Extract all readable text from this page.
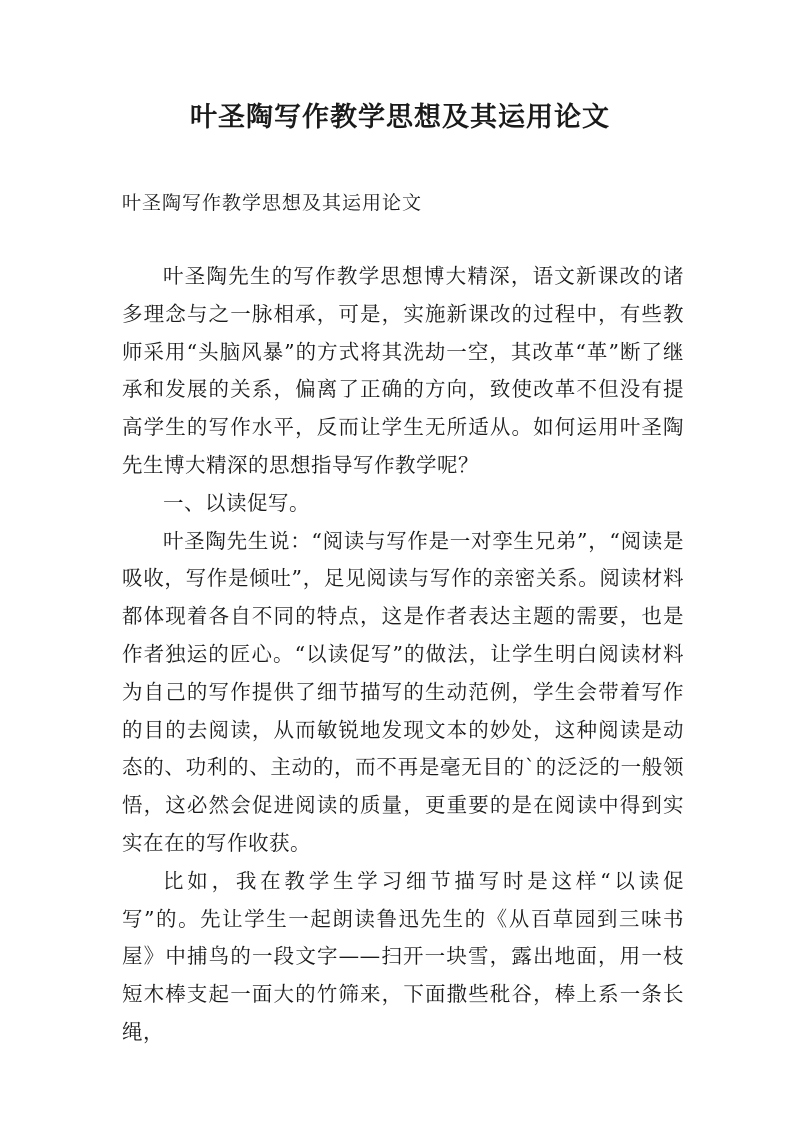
叶圣陶写作教学思想及其运用论文
叶圣陶写作教学思想及其运用论文

叶圣陶先生的写作教学思想博大精深，语文新课改的诸多理念与之一脉相承，可是，实施新课改的过程中，有些教师采用“头脑风暴”的方式将其洗劫一空，其改革“革”断了继承和发展的关系，偏离了正确的方向，致使改革不但没有提高学生的写作水平，反而让学生无所适从。如何运用叶圣陶先生博大精深的思想指导写作教学呢？

一、以读促写。

叶圣陶先生说：“阅读与写作是一对孪生兄弟”，“阅读是吸收，写作是倾吐”，足见阅读与写作的亲密关系。阅读材料都体现着各自不同的特点，这是作者表达主题的需要，也是作者独运的匠心。“以读促写”的做法，让学生明白阅读材料为自己的写作提供了细节描写的生动范例，学生会带着写作的目的去阅读，从而敏锐地发现文本的妙处，这种阅读是动态的、功利的、主动的，而不再是毫无目的`的泛泛的一般领悟，这必然会促进阅读的质量，更重要的是在阅读中得到实实在在的写作收获。

比如，我在教学生学习细节描写时是这样“以读促写”的。先让学生一起朗读鲁迅先生的《从百草园到三味书屋》中捕鸟的一段文字——扫开一块雪，露出地面，用一枝短木棒支起一面大的竹筛来，下面撒些秕谷，棒上系一条长绳，
